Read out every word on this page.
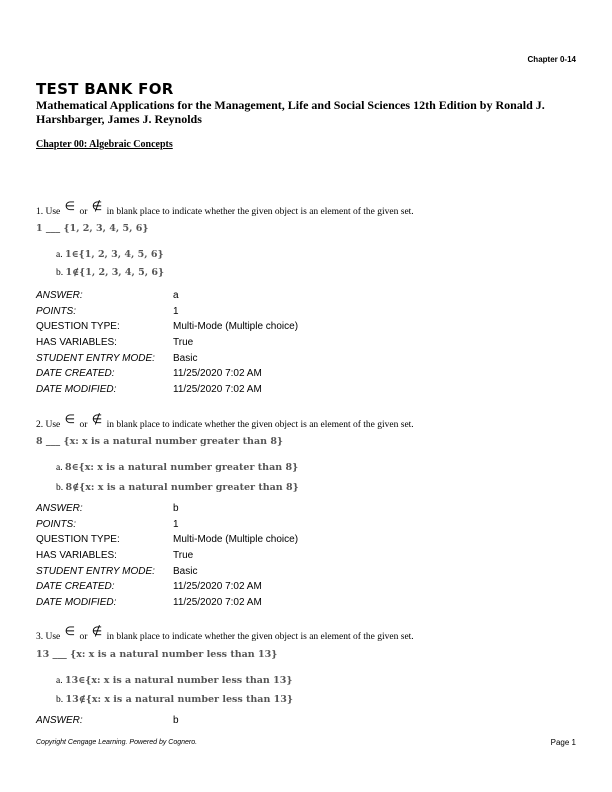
Chapter 0-14
TEST BANK FOR
Mathematical Applications for the Management, Life and Social Sciences 12th Edition by Ronald J. Harshbarger, James J. Reynolds
Chapter 00: Algebraic Concepts
1. Use ∈ or ∉ in blank place to indicate whether the given object is an element of the given set.
1 ___ {1, 2, 3, 4, 5, 6}
a. 1∈{1, 2, 3, 4, 5, 6}
b. 1∉{1, 2, 3, 4, 5, 6}
ANSWER:	a
POINTS:	1
QUESTION TYPE:	Multi-Mode (Multiple choice)
HAS VARIABLES:	True
STUDENT ENTRY MODE:	Basic
DATE CREATED:	11/25/2020 7:02 AM
DATE MODIFIED:	11/25/2020 7:02 AM
2. Use ∈ or ∉ in blank place to indicate whether the given object is an element of the given set.
8 ___ {x: x is a natural number greater than 8}
a. 8∈{x: x is a natural number greater than 8}
b. 8∉{x: x is a natural number greater than 8}
ANSWER:	b
POINTS:	1
QUESTION TYPE:	Multi-Mode (Multiple choice)
HAS VARIABLES:	True
STUDENT ENTRY MODE:	Basic
DATE CREATED:	11/25/2020 7:02 AM
DATE MODIFIED:	11/25/2020 7:02 AM
3. Use ∈ or ∉ in blank place to indicate whether the given object is an element of the given set.
13 ___ {x: x is a natural number less than 13}
a. 13∈{x: x is a natural number less than 13}
b. 13∉{x: x is a natural number less than 13}
ANSWER:	b
Copyright Cengage Learning. Powered by Cognero.	Page 1
